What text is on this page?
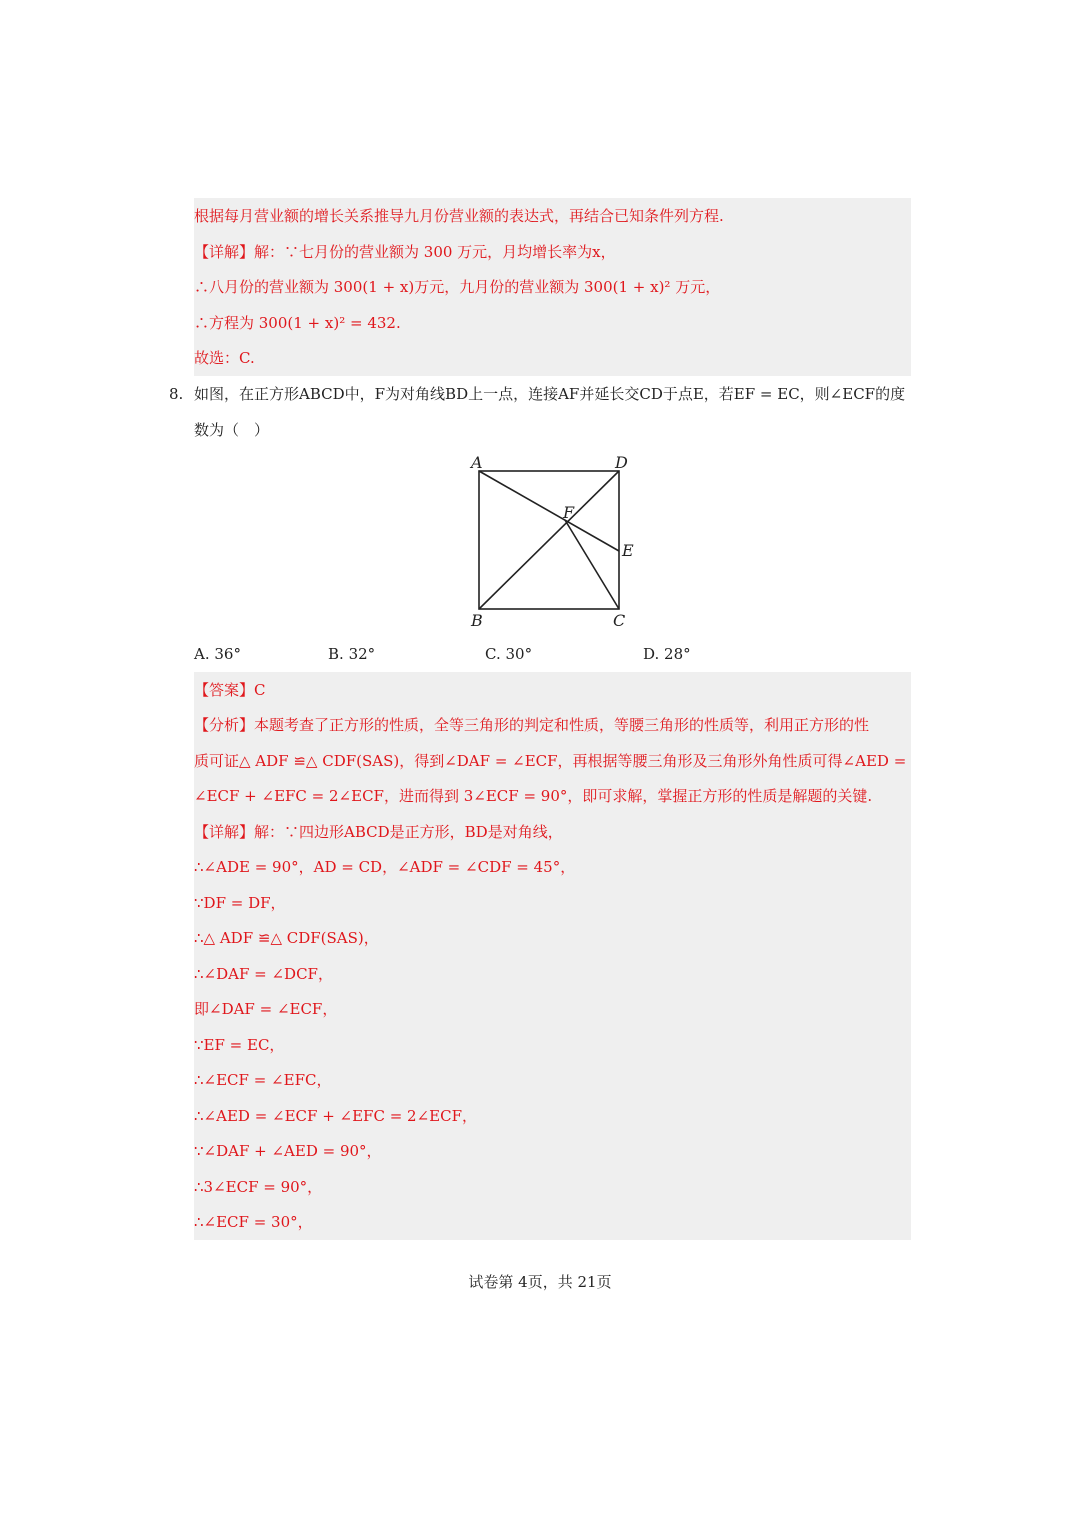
根据每月营业额的增长关系推导九月份营业额的表达式，再结合已知条件列方程.
【详解】解：∵七月份的营业额为 300 万元，月均增长率为x，
∴八月份的营业额为 300(1 + x)万元，九月份的营业额为 300(1 + x)² 万元，
∴方程为 300(1 + x)² = 432.
故选：C.
8. 如图，在正方形ABCD中，F为对角线BD上一点，连接AF并延长交CD于点E，若EF = EC，则∠ECF的度
数为（　）
A	D
F
E
B	C
A. 36°	B. 32°	C. 30°	D. 28°
【答案】C
【分析】本题考查了正方形的性质，全等三角形的判定和性质，等腰三角形的性质等，利用正方形的性
质可证△ ADF ≌△ CDF(SAS)，得到∠DAF = ∠ECF，再根据等腰三角形及三角形外角性质可得∠AED =
∠ECF + ∠EFC = 2∠ECF，进而得到 3∠ECF = 90°，即可求解，掌握正方形的性质是解题的关键.
【详解】解：∵四边形ABCD是正方形，BD是对角线，
∴∠ADE = 90°，AD = CD，∠ADF = ∠CDF = 45°，
∵DF = DF，
∴△ ADF ≌△ CDF(SAS)，
∴∠DAF = ∠DCF，
即∠DAF = ∠ECF，
∵EF = EC，
∴∠ECF = ∠EFC，
∴∠AED = ∠ECF + ∠EFC = 2∠ECF，
∵∠DAF + ∠AED = 90°，
∴3∠ECF = 90°，
∴∠ECF = 30°，
试卷第 4页，共 21页
